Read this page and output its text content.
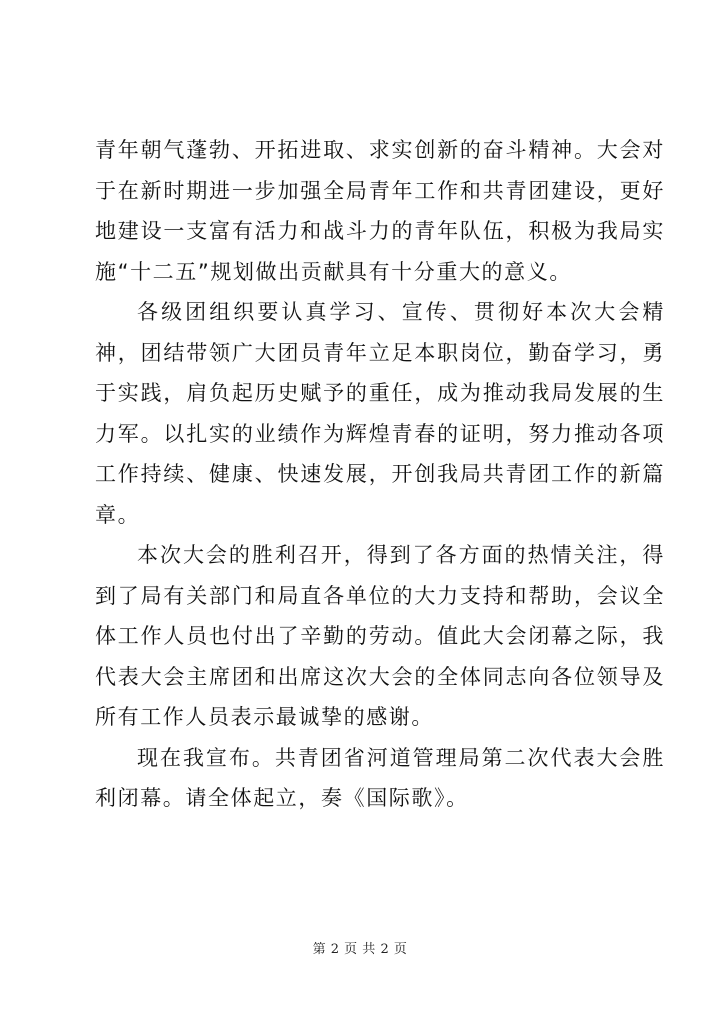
青年朝气蓬勃、开拓进取、求实创新的奋斗精神。大会对于在新时期进一步加强全局青年工作和共青团建设，更好地建设一支富有活力和战斗力的青年队伍，积极为我局实施“十二五”规划做出贡献具有十分重大的意义。

各级团组织要认真学习、宣传、贯彻好本次大会精神，团结带领广大团员青年立足本职岗位，勤奋学习，勇于实践，肩负起历史赋予的重任，成为推动我局发展的生力军。以扎实的业绩作为辉煌青春的证明，努力推动各项工作持续、健康、快速发展，开创我局共青团工作的新篇章。

本次大会的胜利召开，得到了各方面的热情关注，得到了局有关部门和局直各单位的大力支持和帮助，会议全体工作人员也付出了辛勤的劳动。值此大会闭幕之际，我代表大会主席团和出席这次大会的全体同志向各位领导及所有工作人员表示最诚挚的感谢。

现在我宣布。共青团省河道管理局第二次代表大会胜利闭幕。请全体起立，奏《国际歌》。

第 2 页 共 2 页
